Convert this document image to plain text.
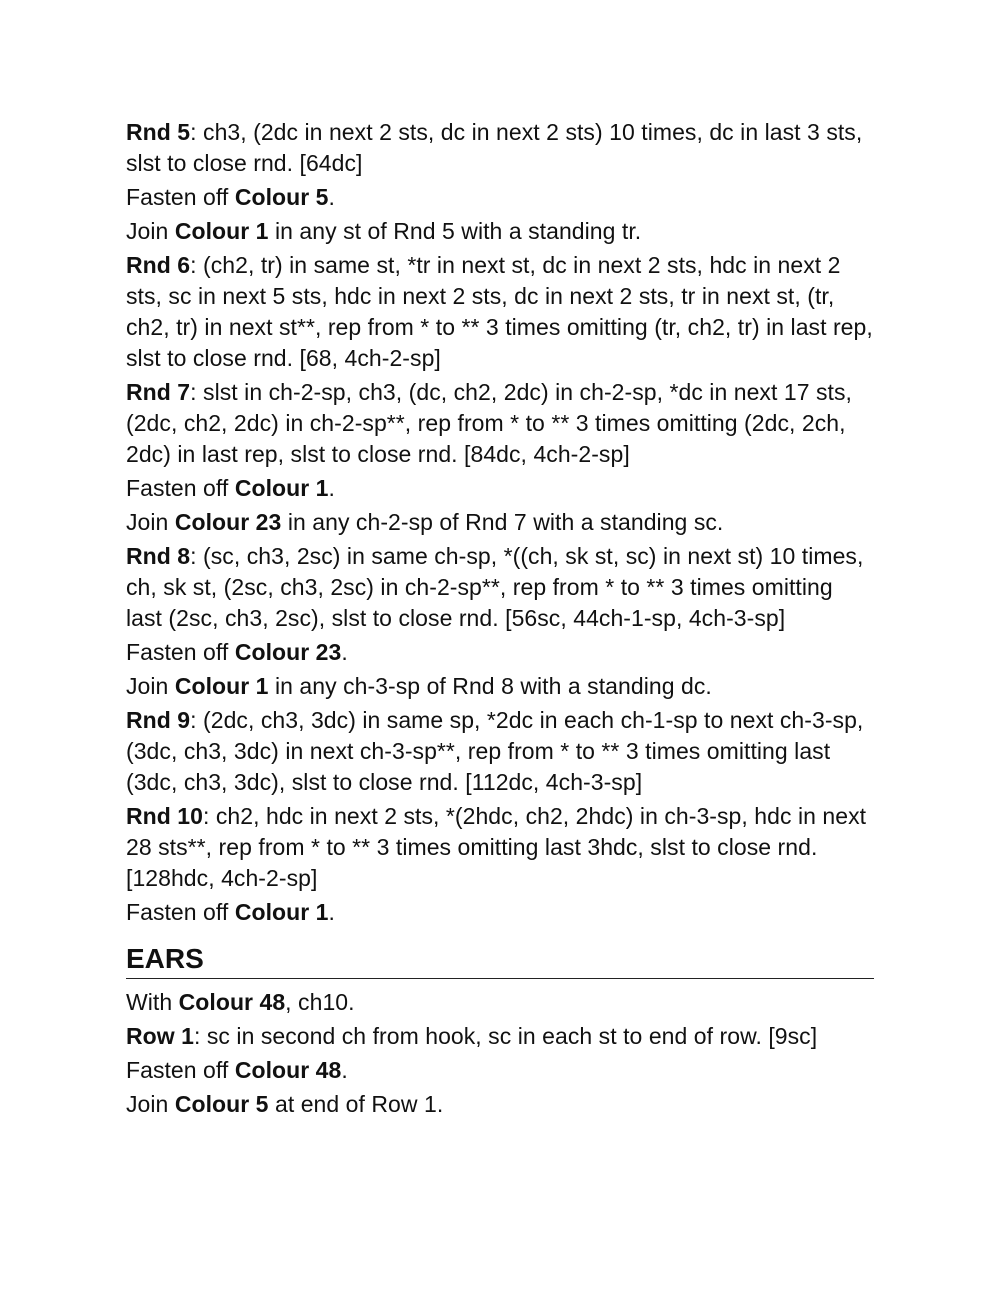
Rnd 5: ch3, (2dc in next 2 sts, dc in next 2 sts) 10 times, dc in last 3 sts, slst to close rnd. [64dc]

Fasten off Colour 5.

Join Colour 1 in any st of Rnd 5 with a standing tr.

Rnd 6: (ch2, tr) in same st, *tr in next st, dc in next 2 sts, hdc in next 2 sts, sc in next 5 sts, hdc in next 2 sts, dc in next 2 sts, tr in next st, (tr, ch2, tr) in next st**, rep from * to ** 3 times omitting (tr, ch2, tr) in last rep, slst to close rnd. [68, 4ch-2-sp]

Rnd 7: slst in ch-2-sp, ch3, (dc, ch2, 2dc) in ch-2-sp, *dc in next 17 sts, (2dc, ch2, 2dc) in ch-2-sp**, rep from * to ** 3 times omitting (2dc, 2ch, 2dc) in last rep, slst to close rnd. [84dc, 4ch-2-sp]

Fasten off Colour 1.

Join Colour 23 in any ch-2-sp of Rnd 7 with a standing sc.

Rnd 8: (sc, ch3, 2sc) in same ch-sp, *((ch, sk st, sc) in next st) 10 times, ch, sk st, (2sc, ch3, 2sc) in ch-2-sp**, rep from * to ** 3 times omitting last (2sc, ch3, 2sc), slst to close rnd. [56sc, 44ch-1-sp, 4ch-3-sp]

Fasten off Colour 23.

Join Colour 1 in any ch-3-sp of Rnd 8 with a standing dc.

Rnd 9: (2dc, ch3, 3dc) in same sp, *2dc in each ch-1-sp to next ch-3-sp, (3dc, ch3, 3dc) in next ch-3-sp**, rep from * to ** 3 times omitting last (3dc, ch3, 3dc), slst to close rnd. [112dc, 4ch-3-sp]

Rnd 10: ch2, hdc in next 2 sts, *(2hdc, ch2, 2hdc) in ch-3-sp, hdc in next 28 sts**, rep from * to ** 3 times omitting last 3hdc, slst to close rnd. [128hdc, 4ch-2-sp]

Fasten off Colour 1.

EARS

With Colour 48, ch10.

Row 1: sc in second ch from hook, sc in each st to end of row. [9sc]

Fasten off Colour 48.

Join Colour 5 at end of Row 1.
